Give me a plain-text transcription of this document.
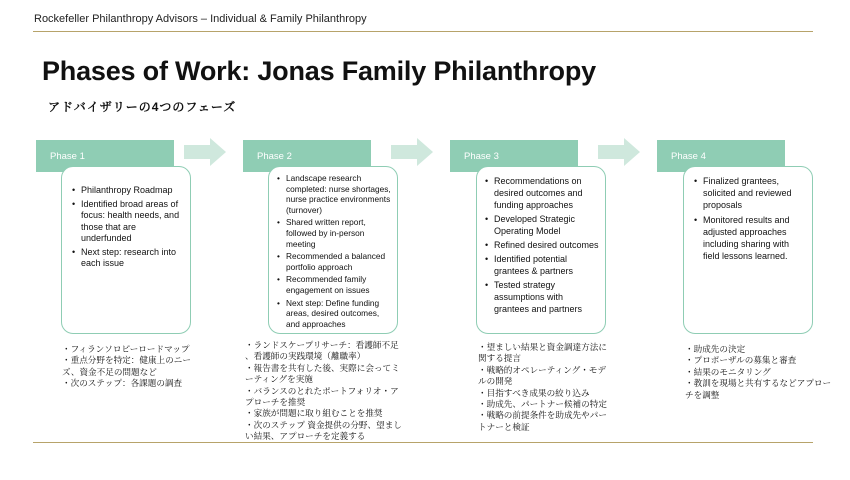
Rockefeller Philanthropy Advisors – Individual & Family Philanthropy
Phases of Work: Jonas Family Philanthropy
アドバイザリーの4つのフェーズ
Phase 1
• Philanthropy Roadmap
• Identified broad areas of focus: health needs, and those that are underfunded
• Next step: research into each issue
・フィランソロピーロードマップ
・重点分野を特定：健康上のニー
ズ、資金不足の問題など
・次のステップ：各課題の調査
Phase 2
• Landscape research completed: nurse shortages, nurse practice environments (turnover)
• Shared written report, followed by in-person meeting
• Recommended a balanced portfolio approach
• Recommended family engagement on issues
• Next step: Define funding areas, desired outcomes, and approaches
・ランドスケープリサーチ：看護師不足
、看護師の実践環境（離職率）
・報告書を共有した後、実際に会ってミ
ーティングを実施
・バランスのとれたポートフォリオ・ア
プローチを推奨
・家族が問題に取り組むことを推奨
・次のステップ 資金提供の分野、望まし
い結果、アプローチを定義する
Phase 3
• Recommendations on desired outcomes and funding approaches
• Developed Strategic Operating Model
• Refined desired outcomes
• Identified potential grantees & partners
• Tested strategy assumptions with grantees and partners
・望ましい結果と資金調達方法に
関する提言
・戦略的オペレーティング・モデ
ルの開発
・目指すべき成果の絞り込み
・助成先、パートナー候補の特定
・戦略の前提条件を助成先やパー
トナーと検証
Phase 4
• Finalized grantees, solicited and reviewed proposals
• Monitored results and adjusted approaches including sharing with field lessons learned.
・助成先の決定
・プロポーザルの募集と審査
・結果のモニタリング
・教訓を現場と共有するなどアプロー
チを調整
